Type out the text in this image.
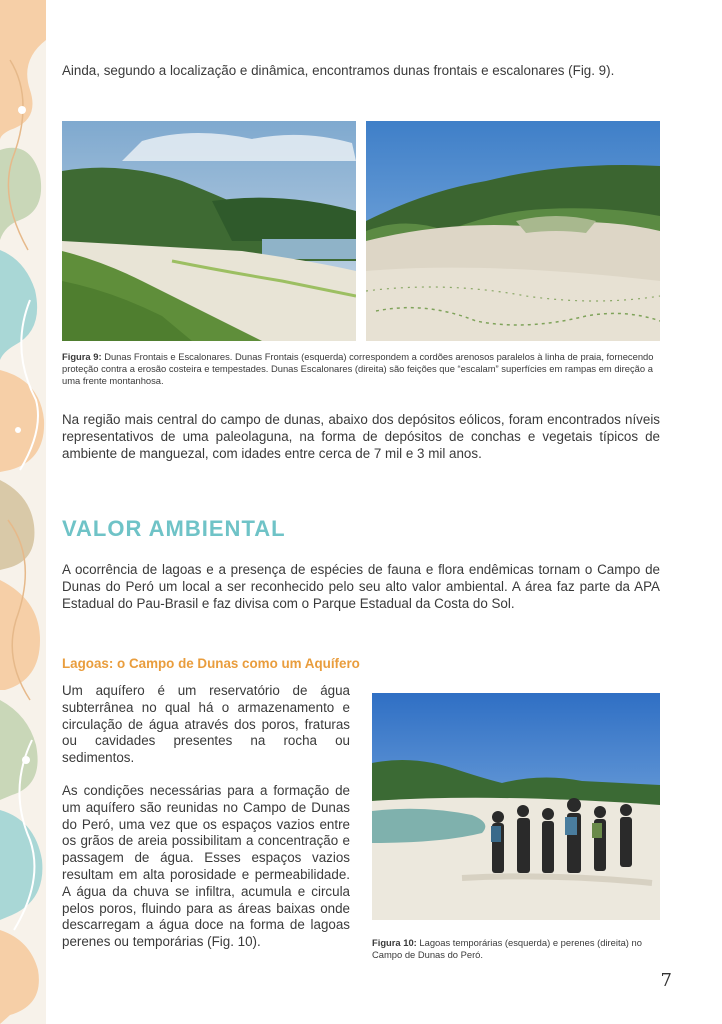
Ainda, segundo a localização e dinâmica, encontramos dunas frontais e escalonares (Fig. 9).

Figura 9: Dunas Frontais e Escalonares. Dunas Frontais (esquerda) correspondem a cordões arenosos paralelos à linha de praia, fornecendo proteção contra a erosão costeira e tempestades. Dunas Escalonares (direita) são feições que “escalam” superfícies em rampas em direção a uma frente montanhosa.

Na região mais central do campo de dunas, abaixo dos depósitos eólicos, foram encontrados níveis representativos de uma paleolaguna, na forma de depósitos de conchas e vegetais típicos de ambiente de manguezal, com idades entre cerca de 7 mil e 3 mil anos.

VALOR AMBIENTAL

A ocorrência de lagoas e a presença de espécies de fauna e flora endêmicas tornam o Campo de Dunas do Peró um local a ser reconhecido pelo seu alto valor ambiental. A área faz parte da APA Estadual do Pau-Brasil e faz divisa com o Parque Estadual da Costa do Sol.

Lagoas: o Campo de Dunas como um Aquífero

Um aquífero é um reservatório de água subterrânea no qual há o armazenamento e circulação de água através dos poros, fraturas ou cavidades presentes na rocha ou sedimentos.

As condições necessárias para a formação de um aquífero são reunidas no Campo de Dunas do Peró, uma vez que os espaços vazios entre os grãos de areia possibilitam a concentração e passagem de água. Esses espaços vazios resultam em alta porosidade e permeabilidade. A água da chuva se infiltra, acumula e circula pelos poros, fluindo para as áreas baixas onde descarregam a água doce na forma de lagoas perenes ou temporárias (Fig. 10).	Figura 10: Lagoas temporárias (esquerda) e perenes (direita) no Campo de Dunas do Peró.

7
